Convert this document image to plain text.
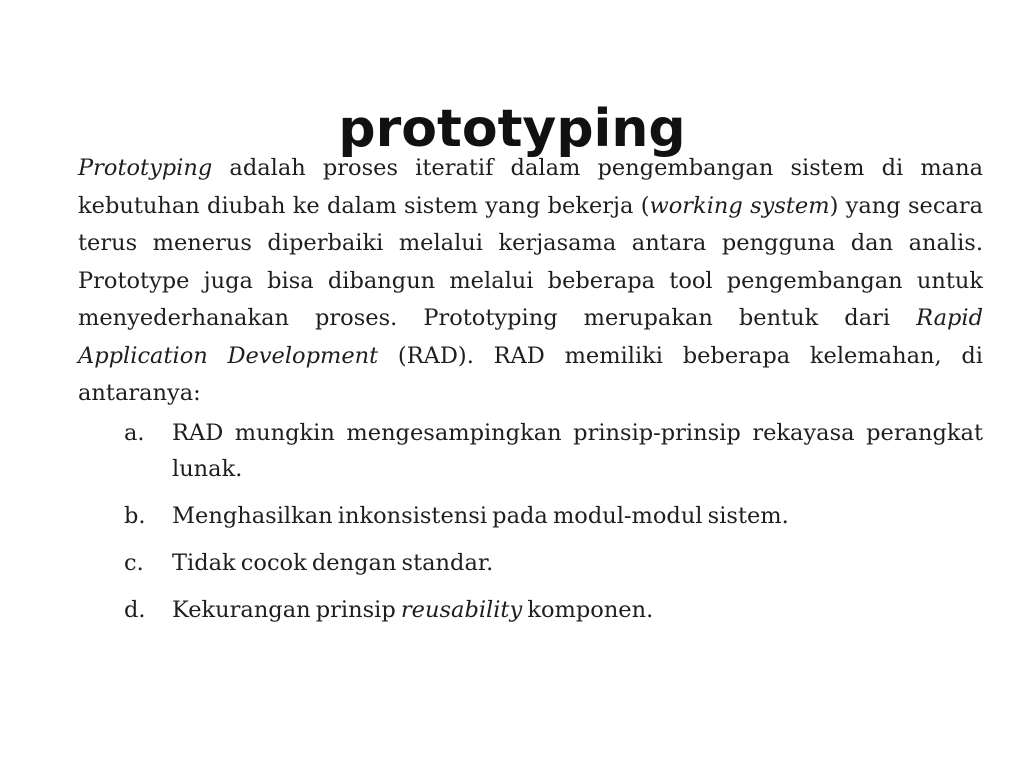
prototyping

Prototyping adalah proses iteratif dalam pengembangan sistem di mana kebutuhan diubah ke dalam sistem yang bekerja (working system) yang secara terus menerus diperbaiki melalui kerjasama antara pengguna dan analis. Prototype juga bisa dibangun melalui beberapa tool pengembangan untuk menyederhanakan proses. Prototyping merupakan bentuk dari Rapid Application Development (RAD). RAD memiliki beberapa kelemahan, di antaranya:

a.	RAD mungkin mengesampingkan prinsip-prinsip rekayasa perangkat lunak.
b.	Menghasilkan inkonsistensi pada modul-modul sistem.
c.	Tidak cocok dengan standar.
d.	Kekurangan prinsip reusability komponen.
